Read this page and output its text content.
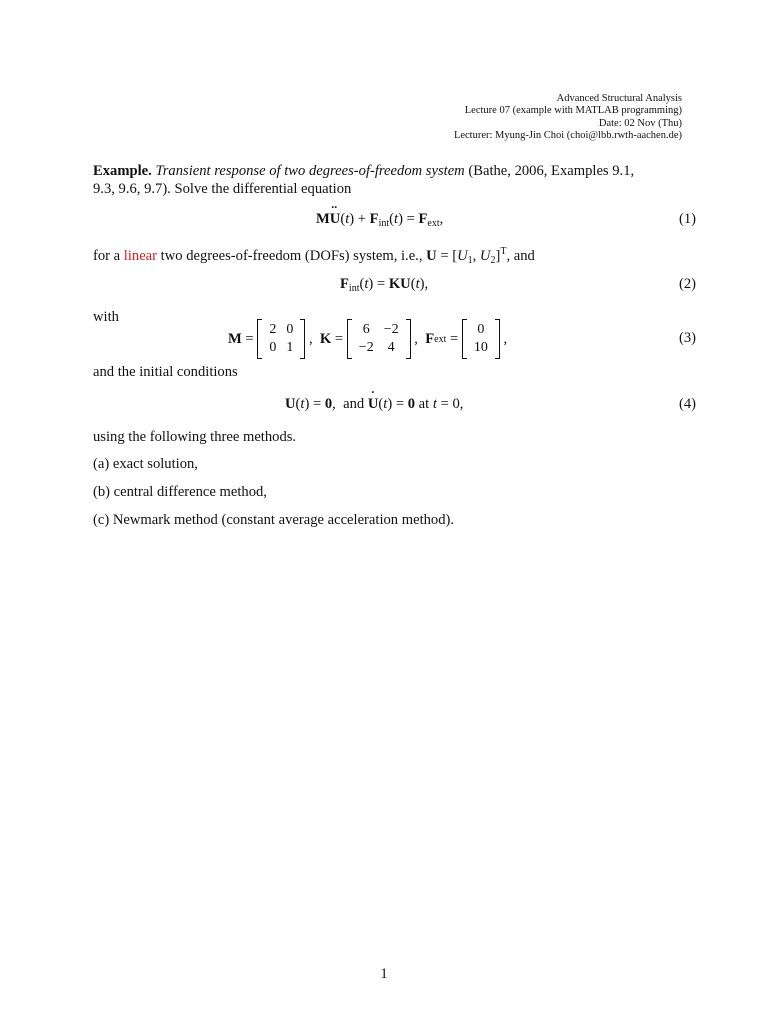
Advanced Structural Analysis
Lecture 07 (example with MATLAB programming)
Date: 02 Nov (Thu)
Lecturer: Myung-Jin Choi (choi@lbb.rwth-aachen.de)
Example. Transient response of two degrees-of-freedom system (Bathe, 2006, Examples 9.1,
9.3, 9.6, 9.7). Solve the differential equation
$M\cdot\cdot U(t) + F_{int}(t) = F_{ext}$,	(1)
for a linear two degrees-of-freedom (DOFs) system, i.e., $U = [U_1$, $U_2]^T$, and
$F_{int}(t) = KU(t)$,	(2)
with
M =
2	0
0	1
, K =
6	−2
−2	4
, F ext =
0
10
,	(3)
and the initial conditions
U(t) = 0,  and · U(t) = 0 at t = 0,	(4)
using the following three methods.
(a) exact solution,
(b) central difference method,
(c) Newmark method (constant average acceleration method).
1
